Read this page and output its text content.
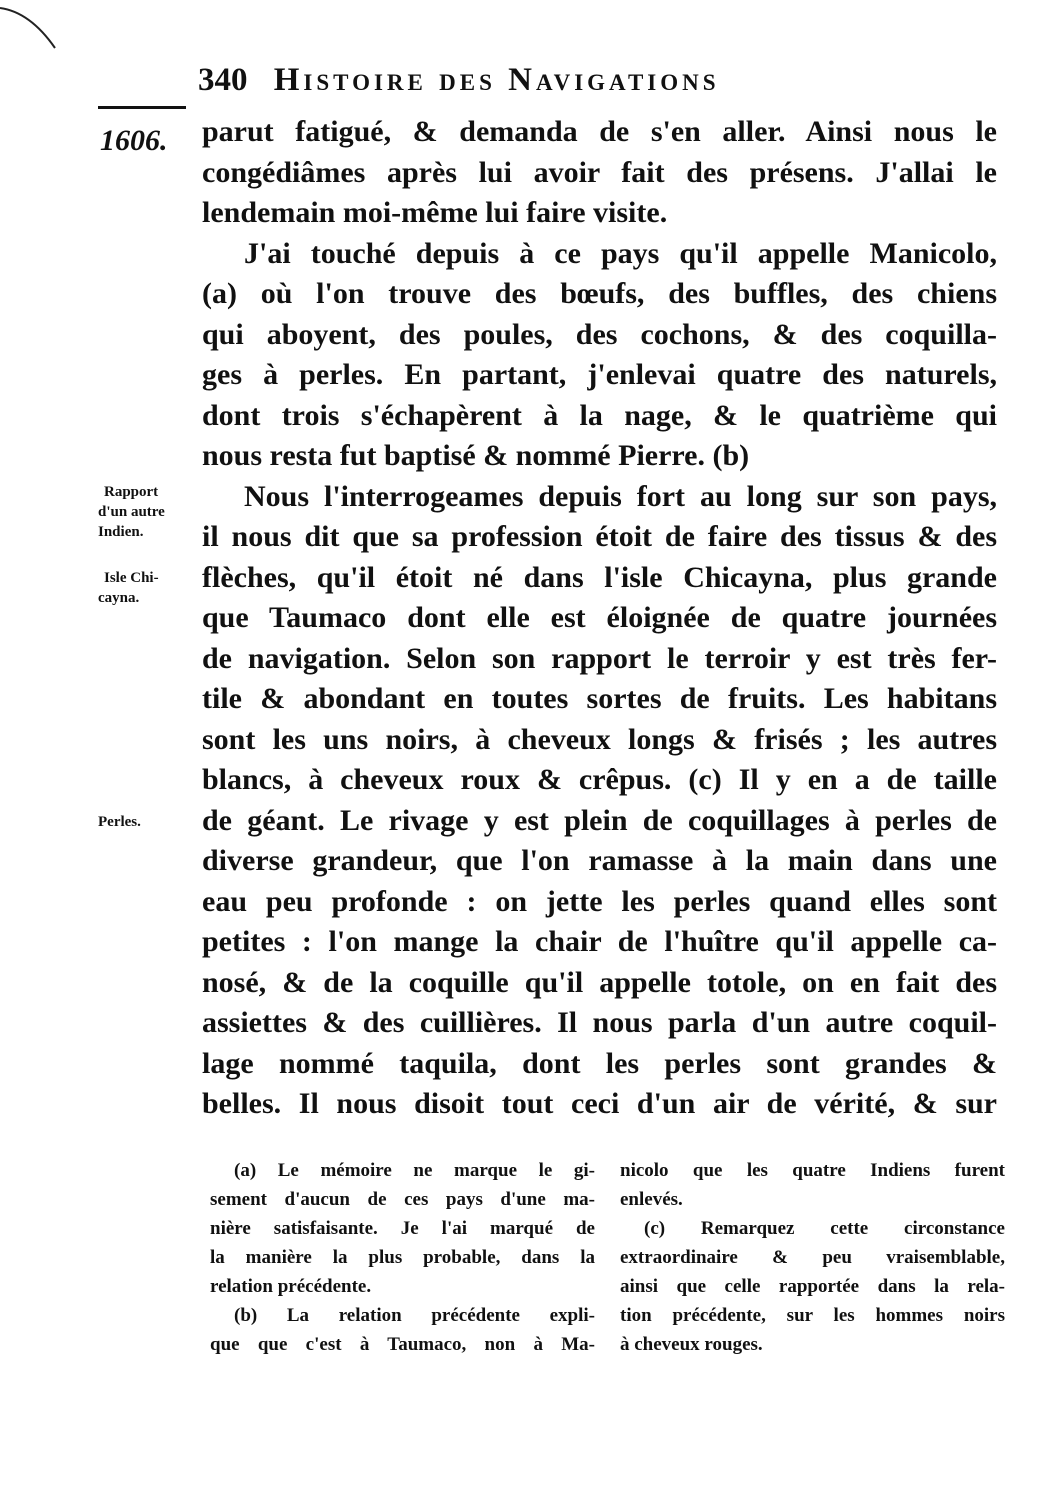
340 Histoire des Navigations
1606.
Rapport
d'un autre
Indien.
Isle Chi-
cayna.
Perles.
parut fatigué, & demanda de s'en aller. Ainsi nous le
congédiâmes après lui avoir fait des présens. J'allai le
lendemain moi-même lui faire visite.
J'ai touché depuis à ce pays qu'il appelle Manicolo,
(a) où l'on trouve des bœufs, des buffles, des chiens
qui aboyent, des poules, des cochons, & des coquilla-
ges à perles. En partant, j'enlevai quatre des naturels,
dont trois s'échapèrent à la nage, & le quatrième qui
nous resta fut baptisé & nommé Pierre. (b)
Nous l'interrogeames depuis fort au long sur son pays,
il nous dit que sa profession étoit de faire des tissus & des
flèches, qu'il étoit né dans l'isle Chicayna, plus grande
que Taumaco dont elle est éloignée de quatre journées
de navigation. Selon son rapport le terroir y est très fer-
tile & abondant en toutes sortes de fruits. Les habitans
sont les uns noirs, à cheveux longs & frisés ; les autres
blancs, à cheveux roux & crêpus. (c) Il y en a de taille
de géant. Le rivage y est plein de coquillages à perles de
diverse grandeur, que l'on ramasse à la main dans une
eau peu profonde : on jette les perles quand elles sont
petites : l'on mange la chair de l'huître qu'il appelle ca-
nosé, & de la coquille qu'il appelle totole, on en fait des
assiettes & des cuillières. Il nous parla d'un autre coquil-
lage nommé taquila, dont les perles sont grandes &
belles. Il nous disoit tout ceci d'un air de vérité, & sur
(a) Le mémoire ne marque le gi-
sement d'aucun de ces pays d'une ma-
nière satisfaisante. Je l'ai marqué de
la manière la plus probable, dans la
relation précédente.
(b) La relation précédente expli-
que que c'est à Taumaco, non à Ma-
nicolo que les quatre Indiens furent
enlevés.
(c) Remarquez cette circonstance
extraordinaire & peu vraisemblable,
ainsi que celle rapportée dans la rela-
tion précédente, sur les hommes noirs
à cheveux rouges.
